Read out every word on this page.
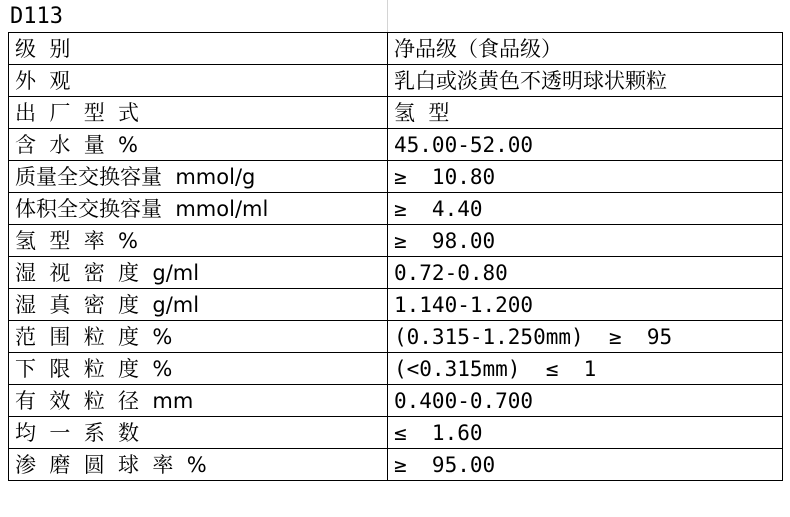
D113
级  别	净品级（食品级）
外  观	乳白或淡黄色不透明球状颗粒
出  厂  型  式	氢  型
含  水  量  %	45.00-52.00
质量全交换容量  mmol/g	≥  10.80
体积全交换容量  mmol/ml	≥  4.40
氢  型  率  %	≥  98.00
湿  视  密  度  g/ml	0.72-0.80
湿  真  密  度  g/ml	1.140-1.200
范  围  粒  度  %	(0.315-1.250mm)  ≥  95
下  限  粒  度  %	(<0.315mm)  ≤  1
有  效  粒  径  mm	0.400-0.700
均  一  系  数	≤  1.60
渗  磨  圆  球  率  %	≥  95.00
